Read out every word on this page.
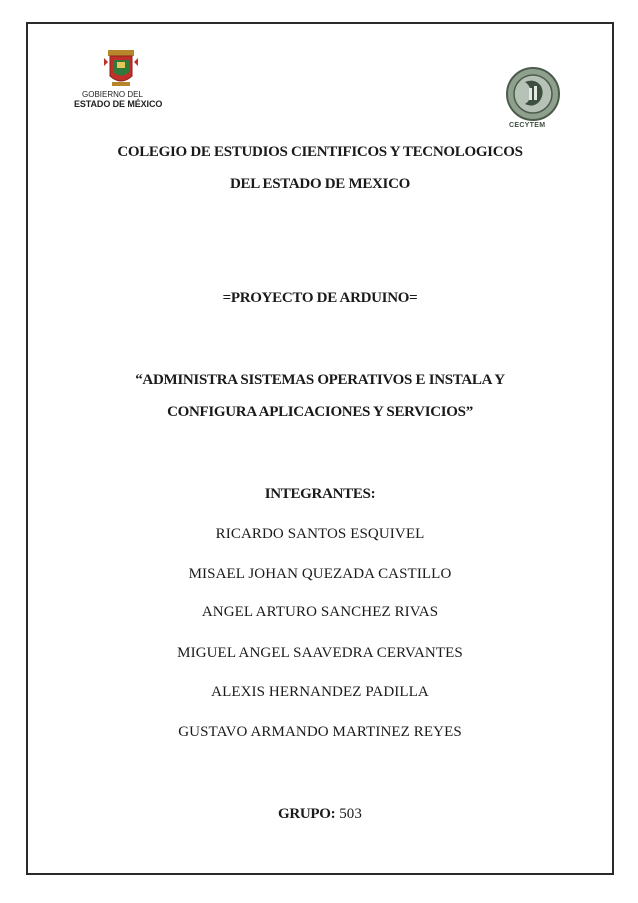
GOBIERNO DEL
ESTADO DE MÉXICO
CECYTEM
COLEGIO DE ESTUDIOS CIENTIFICOS Y TECNOLOGICOS
DEL ESTADO DE MEXICO
=PROYECTO DE ARDUINO=
“ADMINISTRA SISTEMAS OPERATIVOS E INSTALA Y
CONFIGURA APLICACIONES Y SERVICIOS”
INTEGRANTES:
RICARDO SANTOS ESQUIVEL
MISAEL JOHAN QUEZADA CASTILLO
ANGEL ARTURO SANCHEZ RIVAS
MIGUEL ANGEL SAAVEDRA CERVANTES
ALEXIS HERNANDEZ PADILLA
GUSTAVO ARMANDO MARTINEZ REYES
GRUPO: 503
